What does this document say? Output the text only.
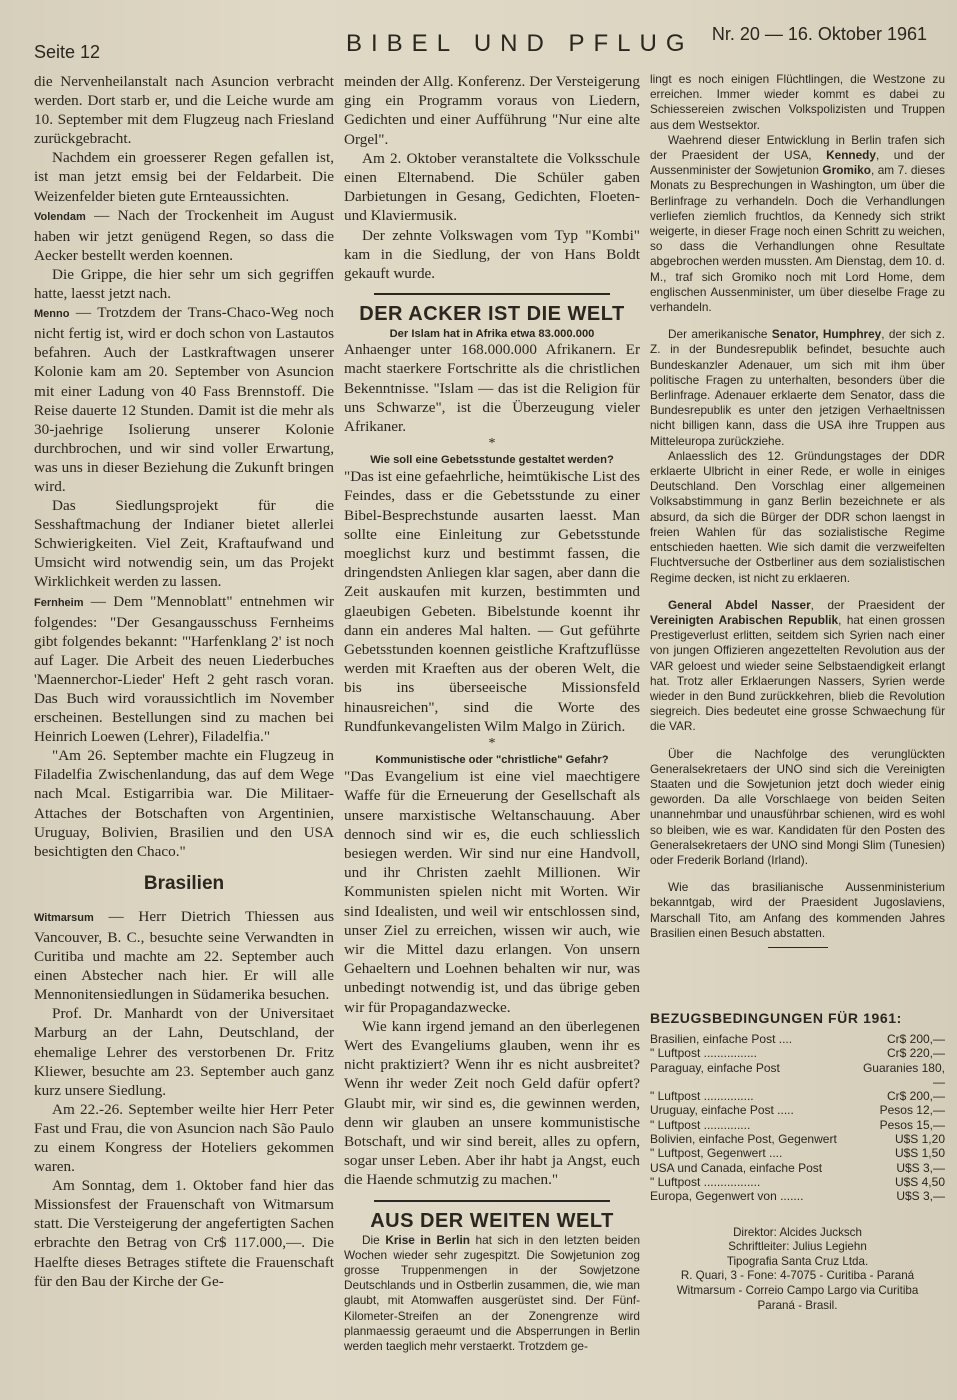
Seite 12	BIBEL UND PFLUG Nr. 20 — 16. Oktober 1961

die Nervenheilanstalt nach Asuncion verbracht werden. Dort starb er, und die Leiche wurde am 10. September mit dem Flugzeug nach Friesland zurückgebracht.

Nachdem ein groesserer Regen gefallen ist, ist man jetzt emsig bei der Feldarbeit. Die Weizenfelder bieten gute Ernteaussichten.

Volendam — Nach der Trockenheit im August haben wir jetzt genügend Regen, so dass die Aecker bestellt werden koennen.

Die Grippe, die hier sehr um sich gegriffen hatte, laesst jetzt nach.

Menno — Trotzdem der Trans-Chaco-Weg noch nicht fertig ist, wird er doch schon von Lastautos befahren. Auch der Lastkraftwagen unserer Kolonie kam am 20. September von Asuncion mit einer Ladung von 40 Fass Brennstoff. Die Reise dauerte 12 Stunden. Damit ist die mehr als 30-jaehrige Isolierung unserer Kolonie durchbrochen, und wir sind voller Erwartung, was uns in dieser Beziehung die Zukunft bringen wird.

Das Siedlungsprojekt für die Sesshaftmachung der Indianer bietet allerlei Schwierigkeiten. Viel Zeit, Kraftaufwand und Umsicht wird notwendig sein, um das Projekt Wirklichkeit werden zu lassen.

Fernheim — Dem "Mennoblatt" entnehmen wir folgendes: "Der Gesangausschuss Fernheims gibt folgendes bekannt: "'Harfenklang 2' ist noch auf Lager. Die Arbeit des neuen Liederbuches 'Maennerchor-Lieder' Heft 2 geht rasch voran. Das Buch wird voraussichtlich im November erscheinen. Bestellungen sind zu machen bei Heinrich Loewen (Lehrer), Filadelfia."

"Am 26. September machte ein Flugzeug in Filadelfia Zwischenlandung, das auf dem Wege nach Mcal. Estigarribia war. Die Militaer-Attaches der Botschaften von Argentinien, Uruguay, Bolivien, Brasilien und den USA besichtigten den Chaco."

Brasilien

Witmarsum — Herr Dietrich Thiessen aus Vancouver, B. C., besuchte seine Verwandten in Curitiba und machte am 22. September auch einen Abstecher nach hier. Er will alle Mennonitensiedlungen in Südamerika besuchen.

Prof. Dr. Manhardt von der Universitaet Marburg an der Lahn, Deutschland, der ehemalige Lehrer des verstorbenen Dr. Fritz Kliewer, besuchte am 23. September auch ganz kurz unsere Siedlung.

Am 22.-26. September weilte hier Herr Peter Fast und Frau, die von Asuncion nach São Paulo zu einem Kongress der Hoteliers gekommen waren.

Am Sonntag, dem 1. Oktober fand hier das Missionsfest der Frauenschaft von Witmarsum statt. Die Versteigerung der angefertigten Sachen erbrachte den Betrag von Cr$ 117.000,—. Die Haelfte dieses Betrages stiftete die Frauenschaft für den Bau der Kirche der Ge-

meinden der Allg. Konferenz. Der Versteigerung ging ein Programm voraus von Liedern, Gedichten und einer Aufführung "Nur eine alte Orgel".

Am 2. Oktober veranstaltete die Volksschule einen Elternabend. Die Schüler gaben Darbietungen in Gesang, Gedichten, Floeten- und Klaviermusik.

Der zehnte Volkswagen vom Typ "Kombi" kam in die Siedlung, der von Hans Boldt gekauft wurde.

DER ACKER IST DIE WELT
Der Islam hat in Afrika etwa 83.000.000

Anhaenger unter 168.000.000 Afrikanern. Er macht staerkere Fortschritte als die christlichen Bekenntnisse. "Islam — das ist die Religion für uns Schwarze", ist die Überzeugung vieler Afrikaner.

*
Wie soll eine Gebetsstunde gestaltet werden?

"Das ist eine gefaehrliche, heimtükische List des Feindes, dass er die Gebetsstunde zu einer Bibel-Besprechstunde ausarten laesst. Man sollte eine Einleitung zur Gebetsstunde moeglichst kurz und bestimmt fassen, die dringendsten Anliegen klar sagen, aber dann die Zeit auskaufen mit kurzen, bestimmten und glaeubigen Gebeten. Bibelstunde koennt ihr dann ein anderes Mal halten. — Gut geführte Gebetsstunden koennen geistliche Kraftzuflüsse werden mit Kraeften aus der oberen Welt, die bis ins überseeische Missionsfeld hinausreichen", sind die Worte des Rundfunkevangelisten Wilm Malgo in Zürich.

*
Kommunistische oder "christliche" Gefahr?

"Das Evangelium ist eine viel maechtigere Waffe für die Erneuerung der Gesellschaft als unsere marxistische Weltanschauung. Aber dennoch sind wir es, die euch schliesslich besiegen werden. Wir sind nur eine Handvoll, und ihr Christen zaehlt Millionen. Wir Kommunisten spielen nicht mit Worten. Wir sind Idealisten, und weil wir entschlossen sind, unser Ziel zu erreichen, wissen wir auch, wie wir die Mittel dazu erlangen. Von unsern Gehaeltern und Loehnen behalten wir nur, was unbedingt notwendig ist, und das übrige geben wir für Propagandazwecke.

Wie kann irgend jemand an den überlegenen Wert des Evangeliums glauben, wenn ihr es nicht praktiziert? Wenn ihr es nicht ausbreitet? Wenn ihr weder Zeit noch Geld dafür opfert? Glaubt mir, wir sind es, die gewinnen werden, denn wir glauben an unsere kommunistische Botschaft, und wir sind bereit, alles zu opfern, sogar unser Leben. Aber ihr habt ja Angst, euch die Haende schmutzig zu machen."

AUS DER WEITEN WELT

Die Krise in Berlin hat sich in den letzten beiden Wochen wieder sehr zugespitzt. Die Sowjetunion zog grosse Truppenmengen in der Sowjetzone Deutschlands und in Ostberlin zusammen, die, wie man glaubt, mit Atomwaffen ausgerüstet sind. Der Fünf-Kilometer-Streifen an der Zonengrenze wird planmaessig geraeumt und die Absperrungen in Berlin werden taeglich mehr verstaerkt. Trotzdem ge-

lingt es noch einigen Flüchtlingen, die Westzone zu erreichen. Immer wieder kommt es dabei zu Schiessereien zwischen Volkspolizisten und Truppen aus dem Westsektor.

Waehrend dieser Entwicklung in Berlin trafen sich der Praesident der USA, Kennedy, und der Aussenminister der Sowjetunion Gromiko, am 7. dieses Monats zu Besprechungen in Washington, um über die Berlinfrage zu verhandeln. Doch die Verhandlungen verliefen ziemlich fruchtlos, da Kennedy sich strikt weigerte, in dieser Frage noch einen Schritt zu weichen, so dass die Verhandlungen ohne Resultate abgebrochen werden mussten. Am Dienstag, dem 10. d. M., traf sich Gromiko noch mit Lord Home, dem englischen Aussenminister, um über dieselbe Frage zu verhandeln.

Der amerikanische Senator, Humphrey, der sich z. Z. in der Bundesrepublik befindet, besuchte auch Bundeskanzler Adenauer, um sich mit ihm über politische Fragen zu unterhalten, besonders über die Berlinfrage. Adenauer erklaerte dem Senator, dass die Bundesrepublik es unter den jetzigen Verhaeltnissen nicht billigen kann, dass die USA ihre Truppen aus Mitteleuropa zurückziehe.

Anlaesslich des 12. Gründungstages der DDR erklaerte Ulbricht in einer Rede, er wolle in einiges Deutschland. Den Vorschlag einer allgemeinen Volksabstimmung in ganz Berlin bezeichnete er als absurd, da sich die Bürger der DDR schon laengst in freien Wahlen für das sozialistische Regime entschieden haetten. Wie sich damit die verzweifelten Fluchtversuche der Ostberliner aus dem sozialistischen Regime decken, ist nicht zu erklaeren.

General Abdel Nasser, der Praesident der Vereinigten Arabischen Republik, hat einen grossen Prestigeverlust erlitten, seitdem sich Syrien nach einer von jungen Offizieren angezettelten Revolution aus der VAR geloest und wieder seine Selbstaendigkeit erlangt hat. Trotz aller Erklaerungen Nassers, Syrien werde wieder in den Bund zurückkehren, blieb die Revolution siegreich. Dies bedeutet eine grosse Schwaechung für die VAR.

Über die Nachfolge des verunglückten Generalsekretaers der UNO sind sich die Vereinigten Staaten und die Sowjetunion jetzt doch wieder einig geworden. Da alle Vorschlaege von beiden Seiten unannehmbar und unausführbar schienen, wird es wohl so bleiben, wie es war. Kandidaten für den Posten des Generalsekretaers der UNO sind Mongi Slim (Tunesien) oder Frederik Borland (Irland).

Wie das brasilianische Aussenministerium bekanntgab, wird der Praesident Jugoslaviens, Marschall Tito, am Anfang des kommenden Jahres Brasilien einen Besuch abstatten.

BEZUGSBEDINGUNGEN FÜR 1961:
Brasilien, einfache Post ....	Cr$ 200,—
" Luftpost ................	Cr$ 220,—
Paraguay, einfache Post	Guaranies 180,—
" Luftpost ...............	Cr$ 200,—
Uruguay, einfache Post .....	Pesos 12,—
" Luftpost ..............	Pesos 15,—
Bolivien, einfache Post, Gegenwert	U$S 1,20
" Luftpost, Gegenwert ....	U$S 1,50
USA und Canada, einfache Post	U$S 3,—
" Luftpost .................	U$S 4,50
Europa, Gegenwert von .......	U$S 3,—
Direktor: Alcides Jucksch
Schriftleiter: Julius Legiehn
Tipografia Santa Cruz Ltda.
R. Quari, 3 - Fone: 4-7075 - Curitiba - Paraná
Witmarsum - Correio Campo Largo via Curitiba
Paraná - Brasil.
